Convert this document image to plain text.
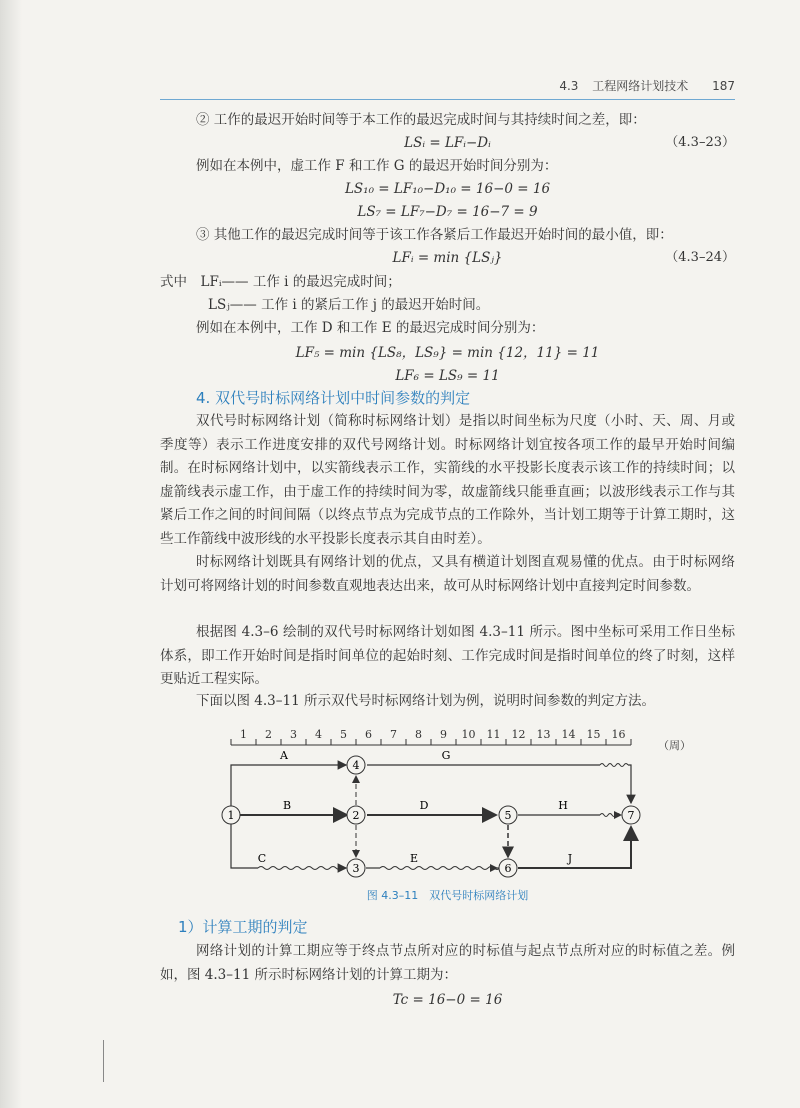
4.3 工程网络计划技术 187
② 工作的最迟开始时间等于本工作的最迟完成时间与其持续时间之差，即：
LSᵢ = LFᵢ−Dᵢ	（4.3–23）
例如在本例中，虚工作 F 和工作 G 的最迟开始时间分别为：
LS₁₀ = LF₁₀−D₁₀ = 16−0 = 16
LS₇ = LF₇−D₇ = 16−7 = 9
③ 其他工作的最迟完成时间等于该工作各紧后工作最迟开始时间的最小值，即：
LFᵢ = min {LSⱼ}	（4.3–24）
式中　LFᵢ—— 工作 i 的最迟完成时间；
LSⱼ—— 工作 i 的紧后工作 j 的最迟开始时间。
例如在本例中，工作 D 和工作 E 的最迟完成时间分别为：
LF₅ = min {LS₈，LS₉} = min {12，11} = 11
LF₆ = LS₉ = 11
4. 双代号时标网络计划中时间参数的判定
双代号时标网络计划（简称时标网络计划）是指以时间坐标为尺度（小时、天、周、月或季度等）表示工作进度安排的双代号网络计划。时标网络计划宜按各项工作的最早开始时间编制。在时标网络计划中，以实箭线表示工作，实箭线的水平投影长度表示该工作的持续时间；以虚箭线表示虚工作，由于虚工作的持续时间为零，故虚箭线只能垂直画；以波形线表示工作与其紧后工作之间的时间间隔（以终点节点为完成节点的工作除外，当计划工期等于计算工期时，这些工作箭线中波形线的水平投影长度表示其自由时差）。
时标网络计划既具有网络计划的优点，又具有横道计划图直观易懂的优点。由于时标网络计划可将网络计划的时间参数直观地表达出来，故可从时标网络计划中直接判定时间参数。
根据图 4.3–6 绘制的双代号时标网络计划如图 4.3–11 所示。图中坐标可采用工作日坐标体系，即工作开始时间是指时间单位的起始时刻、工作完成时间是指时间单位的终了时刻，这样更贴近工程实际。
下面以图 4.3–11 所示双代号时标网络计划为例，说明时间参数的判定方法。
1 2 3 4 5 6 7 8 9 10 11 12 13 14 15 16
（周）
1	2
3
4
5
6
7
A
B
C
D
E
G
H
J
图 4.3–11　双代号时标网络计划
1）计算工期的判定
网络计划的计算工期应等于终点节点所对应的时标值与起点节点所对应的时标值之差。例如，图 4.3–11 所示时标网络计划的计算工期为：
Tc = 16−0 = 16
